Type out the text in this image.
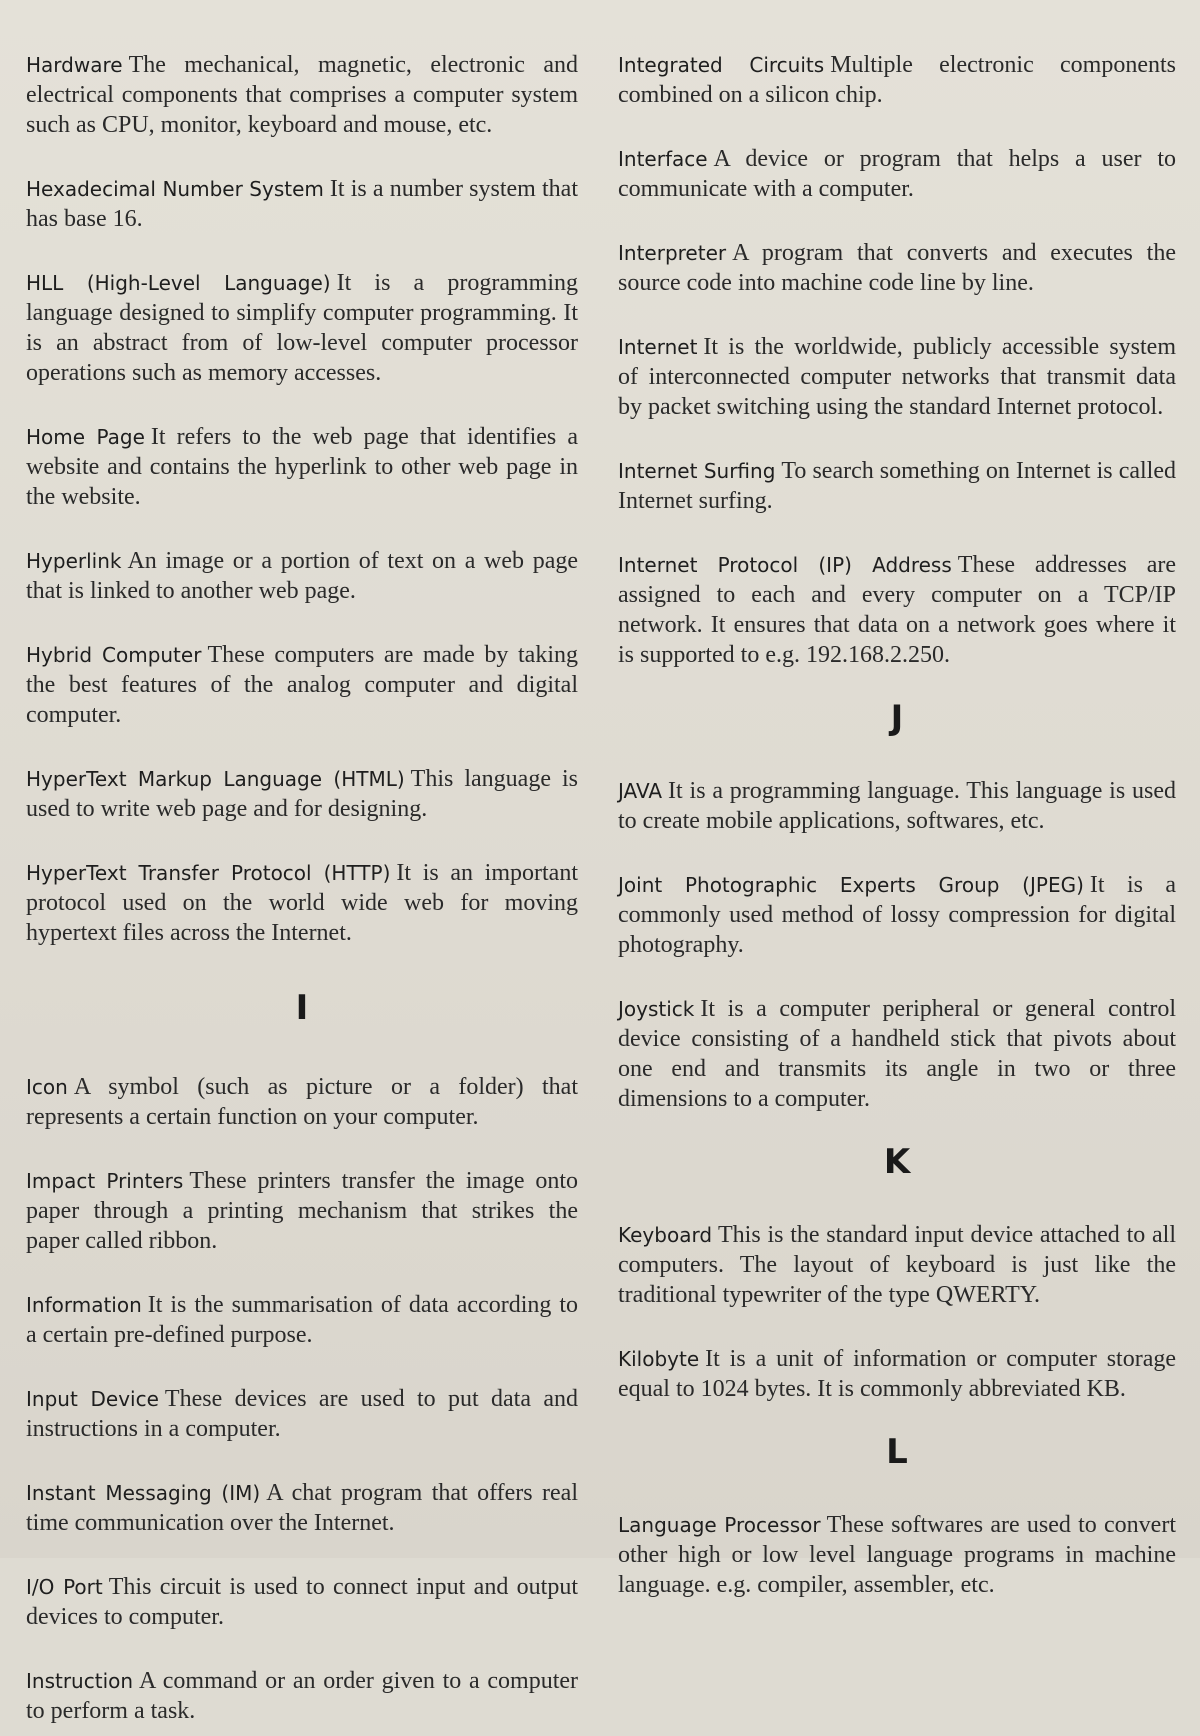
Hardware The mechanical, magnetic, electronic and electrical components that comprises a computer system such as CPU, monitor, keyboard and mouse, etc.

Hexadecimal Number System It is a number system that has base 16.

HLL (High-Level Language) It is a programming language designed to simplify computer programming. It is an abstract from of low-level computer processor operations such as memory accesses.

Home Page It refers to the web page that identifies a website and contains the hyperlink to other web page in the website.

Hyperlink An image or a portion of text on a web page that is linked to another web page.

Hybrid Computer These computers are made by taking the best features of the analog computer and digital computer.

HyperText Markup Language (HTML) This language is used to write web page and for designing.

HyperText Transfer Protocol (HTTP) It is an important protocol used on the world wide web for moving hypertext files across the Internet.

I

Icon A symbol (such as picture or a folder) that represents a certain function on your computer.

Impact Printers These printers transfer the image onto paper through a printing mechanism that strikes the paper called ribbon.

Information It is the summarisation of data according to a certain pre-defined purpose.

Input Device These devices are used to put data and instructions in a computer.

Instant Messaging (IM) A chat program that offers real time communication over the Internet.

I/O Port This circuit is used to connect input and output devices to computer.

Instruction A command or an order given to a computer to perform a task.

Integrated Circuits Multiple electronic components combined on a silicon chip.

Interface A device or program that helps a user to communicate with a computer.

Interpreter A program that converts and executes the source code into machine code line by line.

Internet It is the worldwide, publicly accessible system of interconnected computer networks that transmit data by packet switching using the standard Internet protocol.

Internet Surfing To search something on Internet is called Internet surfing.

Internet Protocol (IP) Address These addresses are assigned to each and every computer on a TCP/IP network. It ensures that data on a network goes where it is supported to e.g. 192.168.2.250.

J

JAVA It is a programming language. This language is used to create mobile applications, softwares, etc.

Joint Photographic Experts Group (JPEG) It is a commonly used method of lossy compression for digital photography.

Joystick It is a computer peripheral or general control device consisting of a handheld stick that pivots about one end and transmits its angle in two or three dimensions to a computer.

K

Keyboard This is the standard input device attached to all computers. The layout of keyboard is just like the traditional typewriter of the type QWERTY.

Kilobyte It is a unit of information or computer storage equal to 1024 bytes. It is commonly abbreviated KB.

L

Language Processor These softwares are used to convert other high or low level language programs in machine language. e.g. compiler, assembler, etc.
